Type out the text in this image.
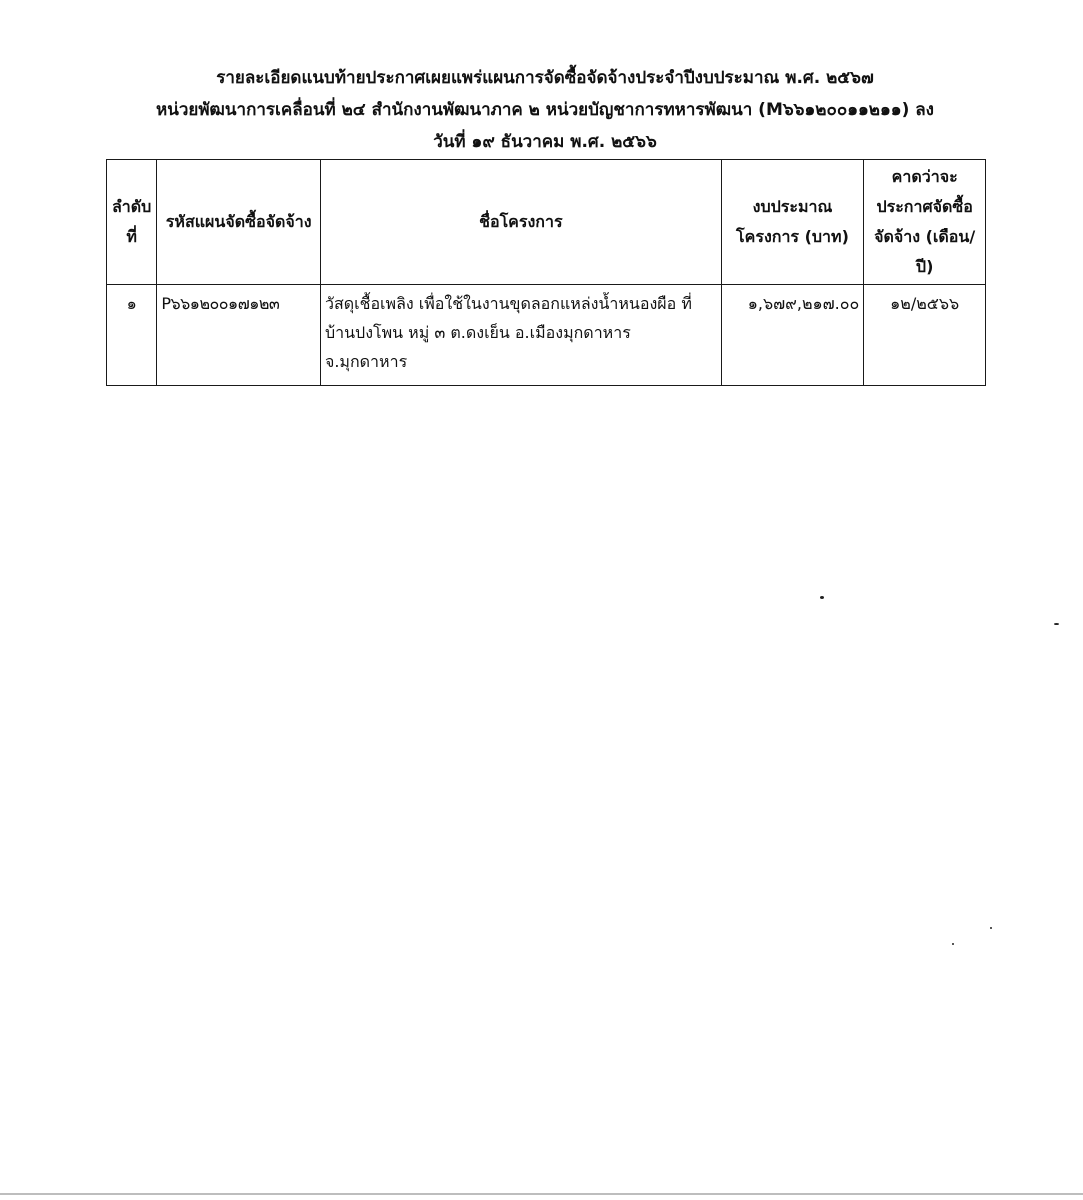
รายละเอียดแนบท้ายประกาศเผยแพร่แผนการจัดซื้อจัดจ้างประจำปีงบประมาณ พ.ศ. ๒๕๖๗
หน่วยพัฒนาการเคลื่อนที่ ๒๔ สำนักงานพัฒนาภาค ๒ หน่วยบัญชาการทหารพัฒนา (M๖๖๑๒๐๐๑๑๒๑๑) ลง
วันที่ ๑๙ ธันวาคม พ.ศ. ๒๕๖๖
ลำดับที่	รหัสแผนจัดซื้อจัดจ้าง	ชื่อโครงการ	งบประมาณโครงการ (บาท)	คาดว่าจะประกาศจัดซื้อจัดจ้าง (เดือน/ปี)
๑	P๖๖๑๒๐๐๑๗๑๒๓	วัสดุเชื้อเพลิง เพื่อใช้ในงานขุดลอกแหล่งน้ำหนองผือ ที่ บ้านปงโพน หมู่ ๓ ต.ดงเย็น อ.เมืองมุกดาหาร จ.มุกดาหาร	๑,๖๗๙,๒๑๗.๐๐	๑๒/๒๕๖๖
